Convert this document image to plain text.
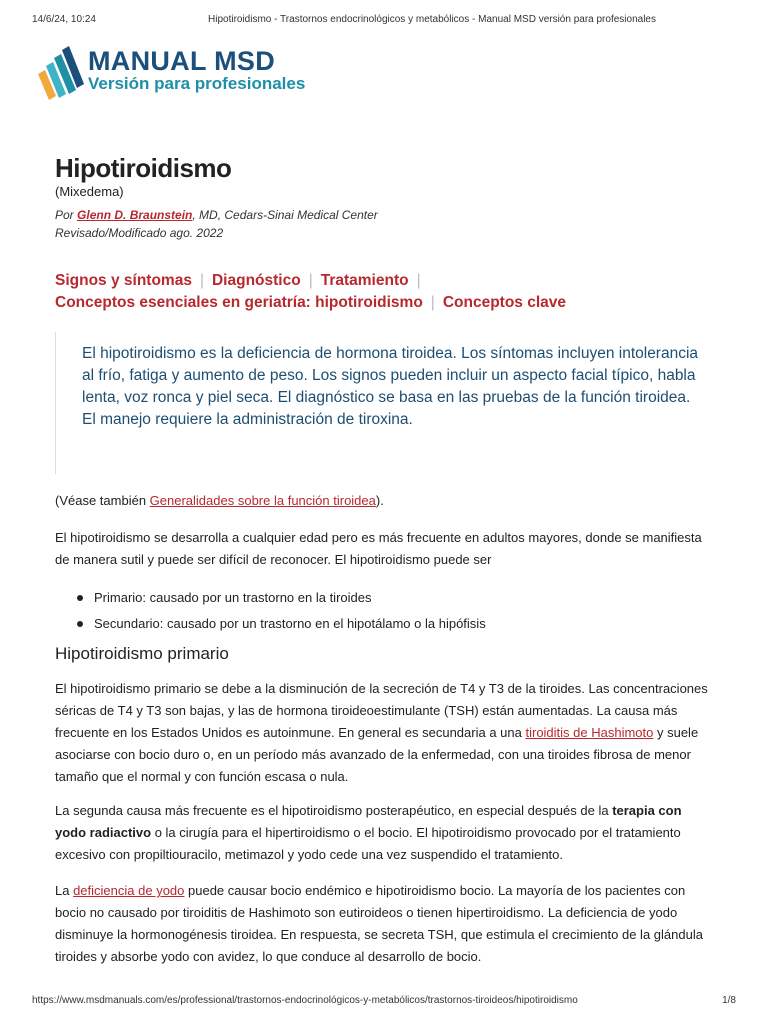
14/6/24, 10:24	Hipotiroidismo - Trastornos endocrinológicos y metabólicos - Manual MSD versión para profesionales
MANUAL MSD
Versión para profesionales
Hipotiroidismo
(Mixedema)
Por Glenn D. Braunstein, MD, Cedars-Sinai Medical Center
Revisado/Modificado ago. 2022
Signos y síntomas | Diagnóstico | Tratamiento |
Conceptos esenciales en geriatría: hipotiroidismo | Conceptos clave

El hipotiroidismo es la deficiencia de hormona tiroidea. Los síntomas incluyen intolerancia al frío, fatiga y aumento de peso. Los signos pueden incluir un aspecto facial típico, habla lenta, voz ronca y piel seca. El diagnóstico se basa en las pruebas de la función tiroidea. El manejo requiere la administración de tiroxina.

(Véase también Generalidades sobre la función tiroidea).

El hipotiroidismo se desarrolla a cualquier edad pero es más frecuente en adultos mayores, donde se manifiesta de manera sutil y puede ser difícil de reconocer. El hipotiroidismo puede ser

Primario: causado por un trastorno en la tiroides
Secundario: causado por un trastorno en el hipotálamo o la hipófisis
Hipotiroidismo primario

El hipotiroidismo primario se debe a la disminución de la secreción de T4 y T3 de la tiroides. Las concentraciones séricas de T4 y T3 son bajas, y las de hormona tiroideoestimulante (TSH) están aumentadas. La causa más frecuente en los Estados Unidos es autoinmune. En general es secundaria a una tiroiditis de Hashimoto y suele asociarse con bocio duro o, en un período más avanzado de la enfermedad, con una tiroides fibrosa de menor tamaño que el normal y con función escasa o nula.

La segunda causa más frecuente es el hipotiroidismo posterapéutico, en especial después de la terapia con yodo radiactivo o la cirugía para el hipertiroidismo o el bocio. El hipotiroidismo provocado por el tratamiento excesivo con propiltiouracilo, metimazol y yodo cede una vez suspendido el tratamiento.

La deficiencia de yodo puede causar bocio endémico e hipotiroidismo bocio. La mayoría de los pacientes con bocio no causado por tiroiditis de Hashimoto son eutiroideos o tienen hipertiroidismo. La deficiencia de yodo disminuye la hormonogénesis tiroidea. En respuesta, se secreta TSH, que estimula el crecimiento de la glándula tiroides y absorbe yodo con avidez, lo que conduce al desarrollo de bocio.

https://www.msdmanuals.com/es/professional/trastornos-endocrinológicos-y-metabólicos/trastornos-tiroideos/hipotiroidismo	1/8
